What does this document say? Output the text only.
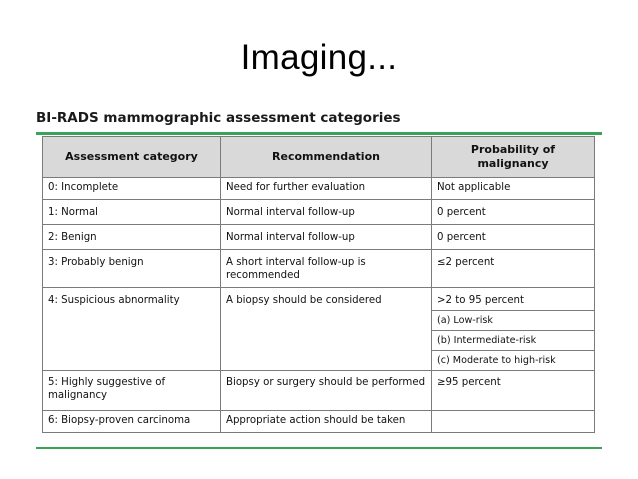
Imaging...
BI-RADS mammographic assessment categories
Assessment category	Recommendation	Probability of malignancy
0: Incomplete	Need for further evaluation	Not applicable
1: Normal	Normal interval follow-up	0 percent
2: Benign	Normal interval follow-up	0 percent
3: Probably benign	A short interval follow-up is recommended	≤2 percent
4: Suspicious abnormality	A biopsy should be considered	>2 to 95 percent
		(a) Low-risk
		(b) Intermediate-risk
		(c) Moderate to high-risk
5: Highly suggestive of malignancy	Biopsy or surgery should be performed	≥95 percent
6: Biopsy-proven carcinoma	Appropriate action should be taken	
